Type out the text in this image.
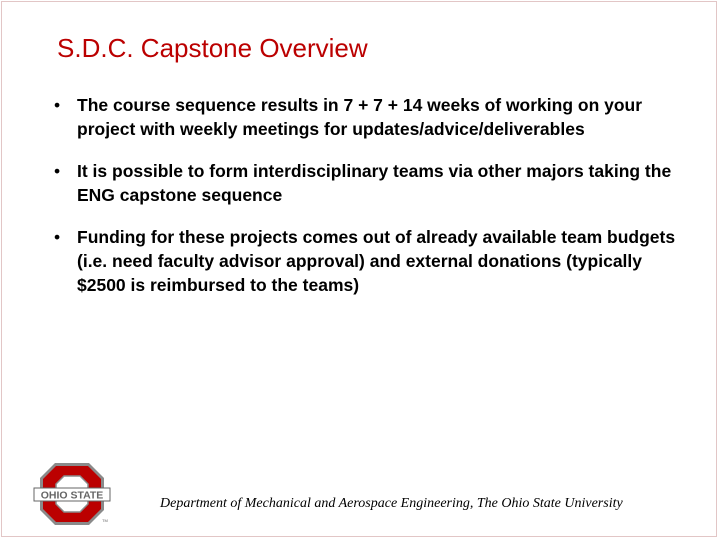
S.D.C. Capstone Overview
• The course sequence results in 7 + 7 + 14 weeks of working on your project with weekly meetings for updates/advice/deliverables
• It is possible to form interdisciplinary teams via other majors taking the ENG capstone sequence
• Funding for these projects comes out of already available team budgets (i.e. need faculty advisor approval) and external donations (typically $2500 is reimbursed to the teams)
OHIO STATE
TM

Department of Mechanical and Aerospace Engineering, The Ohio State University
